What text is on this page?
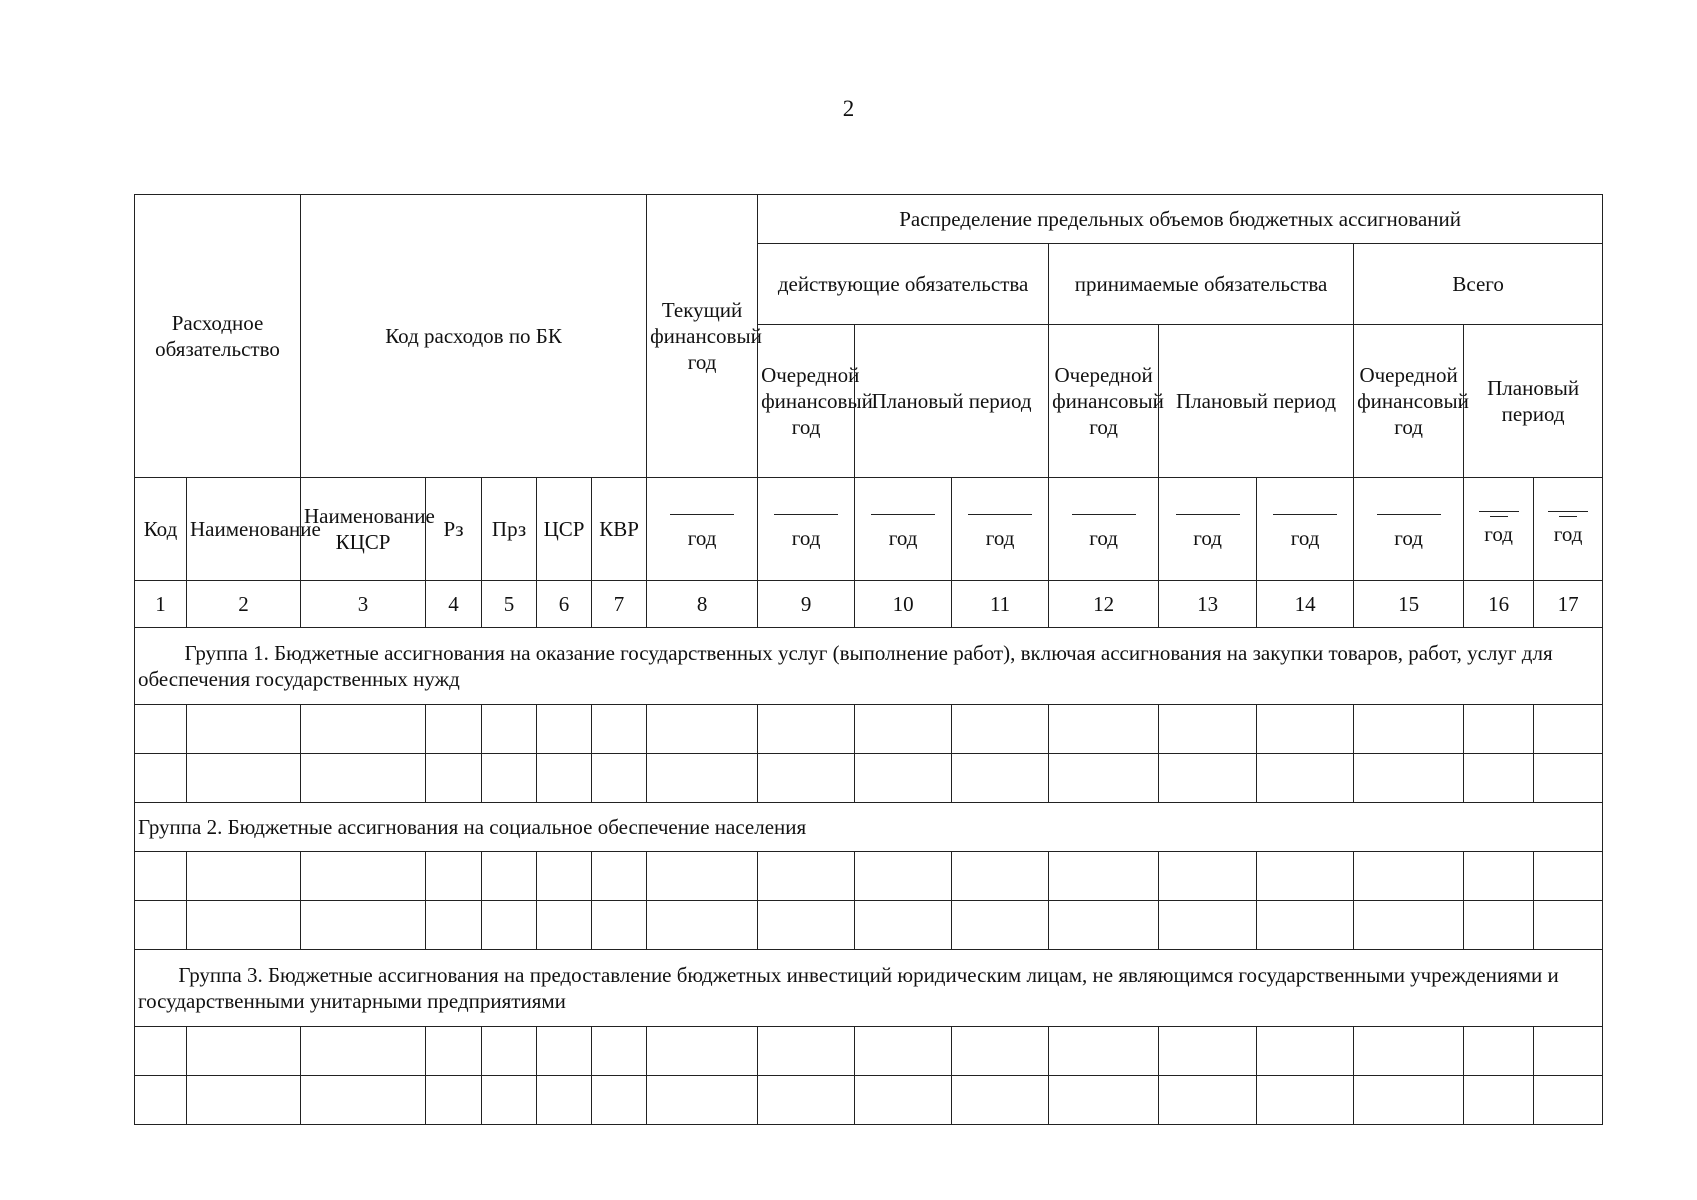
2
Расходное обязательство		Код расходов по БК					Текущий финансовый год	Распределение предельных объемов бюджетных ассигнований								
								действующие обязательства			принимаемые обязательства			Всего		
								Очередной финансовый год	Плановый период		Очередной финансовый год	Плановый период		Очередной финансовый год	Плановый период	
Код	Наименование	Наименование КЦСР	Рз	Прз	ЦСР	КВР	год	год	год	год	год	год	год	год	год	год

1	2	3	4	5	6	7	8	9	10	11	12	13	14	15	16	17
Группа 1. Бюджетные ассигнования на оказание государственных услуг (выполнение работ), включая ассигнования на закупки товаров, работ, услуг для обеспечения государственных нужд																

Группа 2. Бюджетные ассигнования на социальное обеспечение населения																

Группа 3. Бюджетные ассигнования на предоставление бюджетных инвестиций юридическим лицам, не являющимся государственными учреждениями и государственными унитарными предприятиями																
